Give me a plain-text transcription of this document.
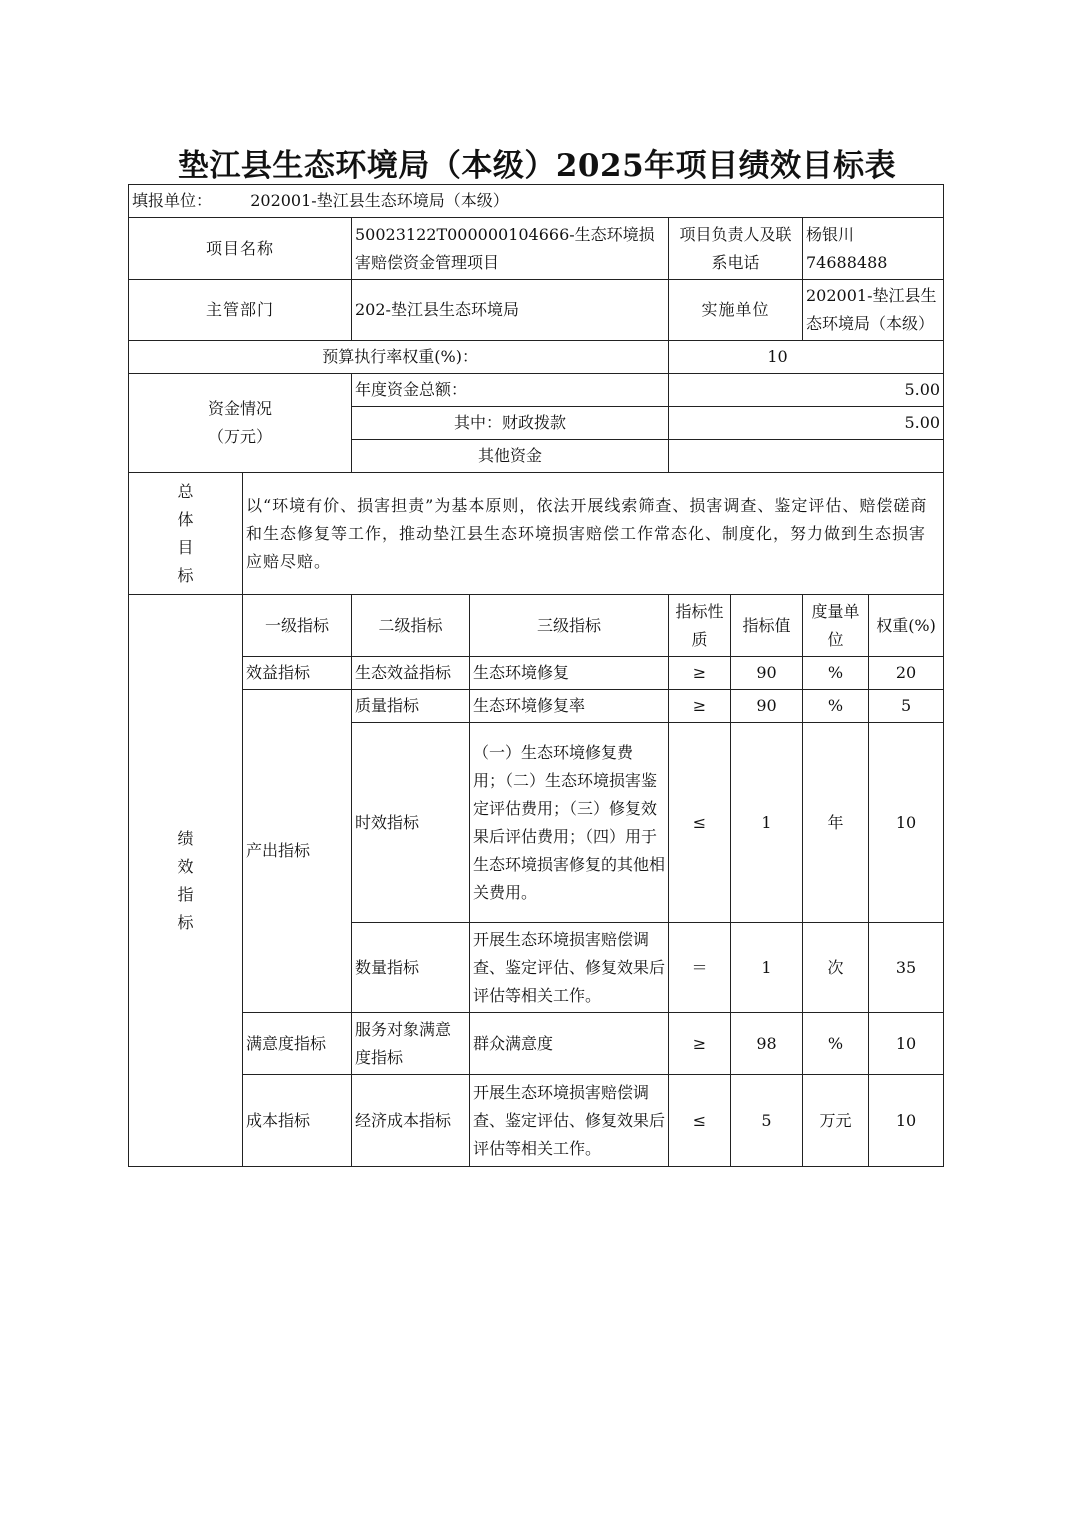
垫江县生态环境局（本级）2025年项目绩效目标表
填报单位： 202001-垫江县生态环境局（本级）							
项目名称		50023122T000000104666-生态环境损害赔偿资金管理项目		项目负责人及联系电话		杨银川 74688488	
主管部门		202-垫江县生态环境局		实施单位		202001-垫江县生态环境局（本级）	
预算执行率权重(%)：				10			

资金情况
（万元）		年度资金总额：		5.00			
		其中：财政拨款		5.00			
		其他资金					

总
体
目
标	以“环境有价、损害担责”为基本原则，依法开展线索筛查、损害调查、鉴定评估、赔偿磋商和生态修复等工作，推动垫江县生态环境损害赔偿工作常态化、制度化，努力做到生态损害应赔尽赔。						

绩
效
指
标	一级指标	二级指标	三级指标	指标性质	指标值	度量单位	权重(%)
	效益指标	生态效益指标	生态环境修复	≥	90	%	20
	产出指标	质量指标	生态环境修复率	≥	90	%	5
		时效指标	（一）生态环境修复费用；（二）生态环境损害鉴定评估费用；（三）修复效果后评估费用；（四）用于生态环境损害修复的其他相关费用。	≤	1	年	10
		数量指标	开展生态环境损害赔偿调查、鉴定评估、修复效果后评估等相关工作。	＝	1	次	35
	满意度指标	服务对象满意度指标	群众满意度	≥	98	%	10
	成本指标	经济成本指标	开展生态环境损害赔偿调查、鉴定评估、修复效果后评估等相关工作。	≤	5	万元	10
